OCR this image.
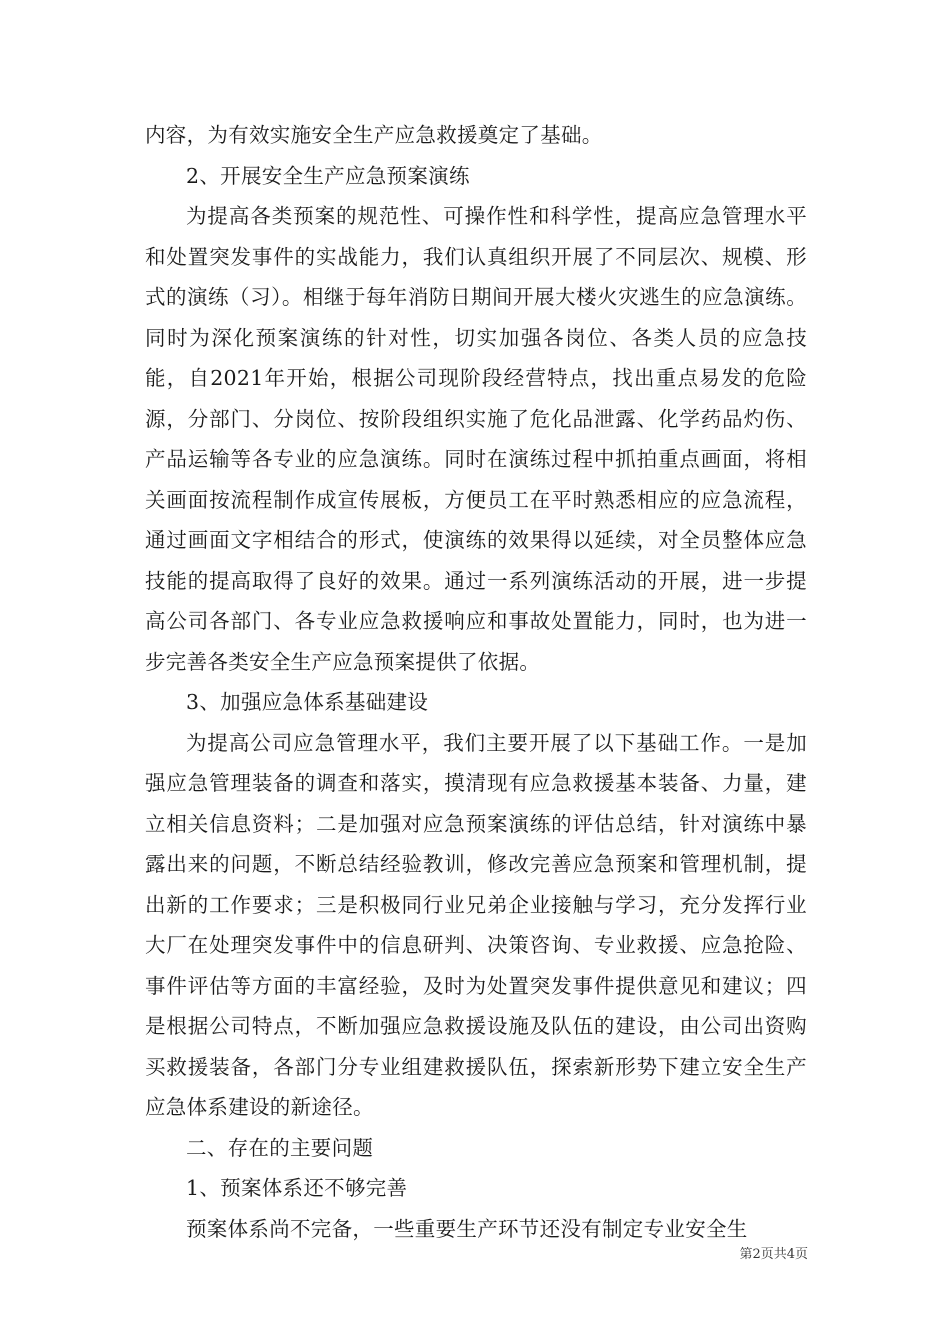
内容，为有效实施安全生产应急救援奠定了基础。

2、开展安全生产应急预案演练

为提高各类预案的规范性、可操作性和科学性，提高应急管理水平和处置突发事件的实战能力，我们认真组织开展了不同层次、规模、形式的演练（习）。相继于每年消防日期间开展大楼火灾逃生的应急演练。同时为深化预案演练的针对性，切实加强各岗位、各类人员的应急技能，自2021年开始，根据公司现阶段经营特点，找出重点易发的危险源，分部门、分岗位、按阶段组织实施了危化品泄露、化学药品灼伤、产品运输等各专业的应急演练。同时在演练过程中抓拍重点画面，将相关画面按流程制作成宣传展板，方便员工在平时熟悉相应的应急流程，通过画面文字相结合的形式，使演练的效果得以延续，对全员整体应急技能的提高取得了良好的效果。通过一系列演练活动的开展，进一步提高公司各部门、各专业应急救援响应和事故处置能力，同时，也为进一步完善各类安全生产应急预案提供了依据。

3、加强应急体系基础建设

为提高公司应急管理水平，我们主要开展了以下基础工作。一是加强应急管理装备的调查和落实，摸清现有应急救援基本装备、力量，建立相关信息资料；二是加强对应急预案演练的评估总结，针对演练中暴露出来的问题，不断总结经验教训，修改完善应急预案和管理机制，提出新的工作要求；三是积极同行业兄弟企业接触与学习，充分发挥行业大厂在处理突发事件中的信息研判、决策咨询、专业救援、应急抢险、事件评估等方面的丰富经验，及时为处置突发事件提供意见和建议；四是根据公司特点，不断加强应急救援设施及队伍的建设，由公司出资购买救援装备，各部门分专业组建救援队伍，探索新形势下建立安全生产应急体系建设的新途径。

二、存在的主要问题

1、预案体系还不够完善

预案体系尚不完备，一些重要生产环节还没有制定专业安全生

第2页共4页
